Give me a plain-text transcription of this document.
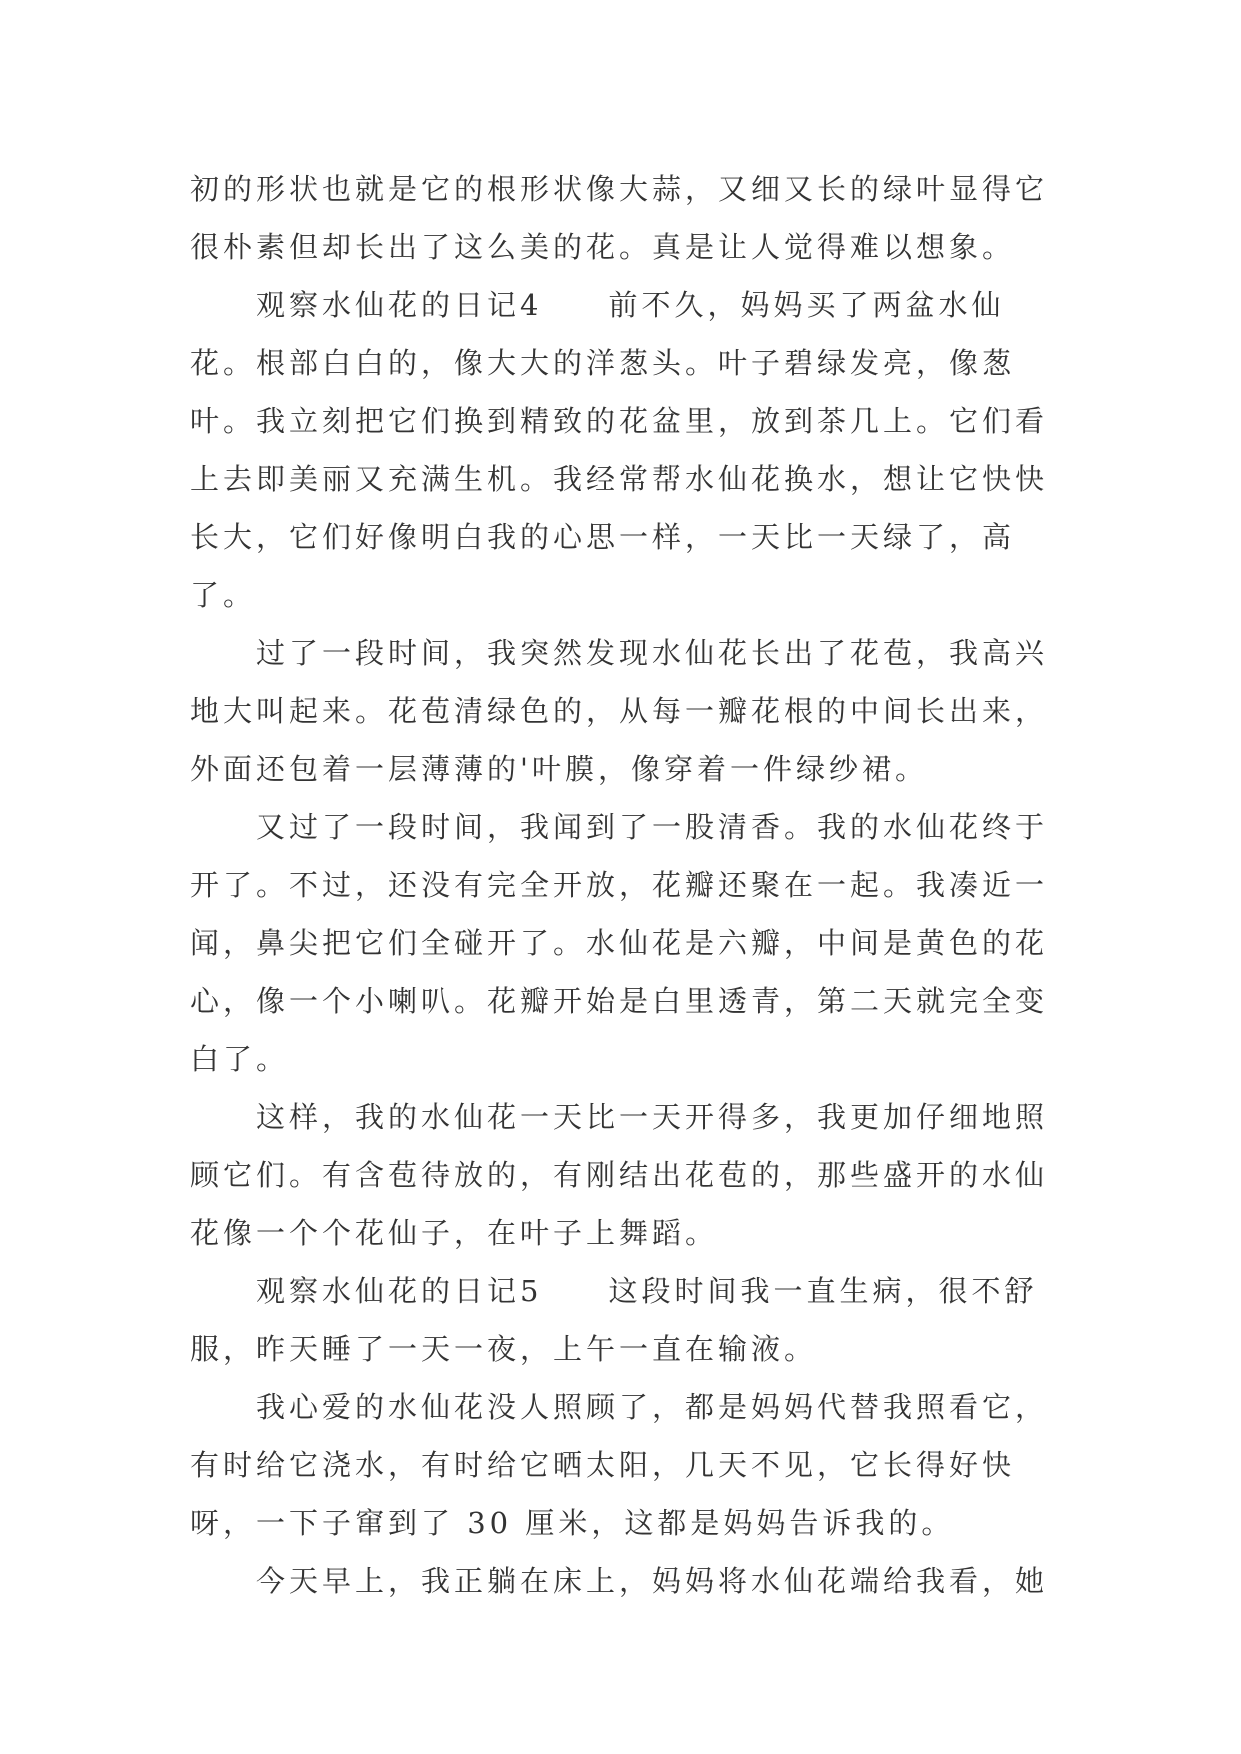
初的形状也就是它的根形状像大蒜，又细又长的绿叶显得它很朴素但却长出了这么美的花。真是让人觉得难以想象。

观察水仙花的日记4 前不久，妈妈买了两盆水仙花。根部白白的，像大大的洋葱头。叶子碧绿发亮，像葱叶。我立刻把它们换到精致的花盆里，放到茶几上。它们看上去即美丽又充满生机。我经常帮水仙花换水，想让它快快长大，它们好像明白我的心思一样，一天比一天绿了，高了。

过了一段时间，我突然发现水仙花长出了花苞，我高兴地大叫起来。花苞清绿色的，从每一瓣花根的中间长出来，外面还包着一层薄薄的'叶膜，像穿着一件绿纱裙。

又过了一段时间，我闻到了一股清香。我的水仙花终于开了。不过，还没有完全开放，花瓣还聚在一起。我凑近一闻，鼻尖把它们全碰开了。水仙花是六瓣，中间是黄色的花心，像一个小喇叭。花瓣开始是白里透青，第二天就完全变白了。

这样，我的水仙花一天比一天开得多，我更加仔细地照顾它们。有含苞待放的，有刚结出花苞的，那些盛开的水仙花像一个个花仙子，在叶子上舞蹈。

观察水仙花的日记5 这段时间我一直生病，很不舒服，昨天睡了一天一夜，上午一直在输液。

我心爱的水仙花没人照顾了，都是妈妈代替我照看它，有时给它浇水，有时给它晒太阳，几天不见，它长得好快呀，一下子窜到了 30 厘米，这都是妈妈告诉我的。

今天早上，我正躺在床上，妈妈将水仙花端给我看，她
